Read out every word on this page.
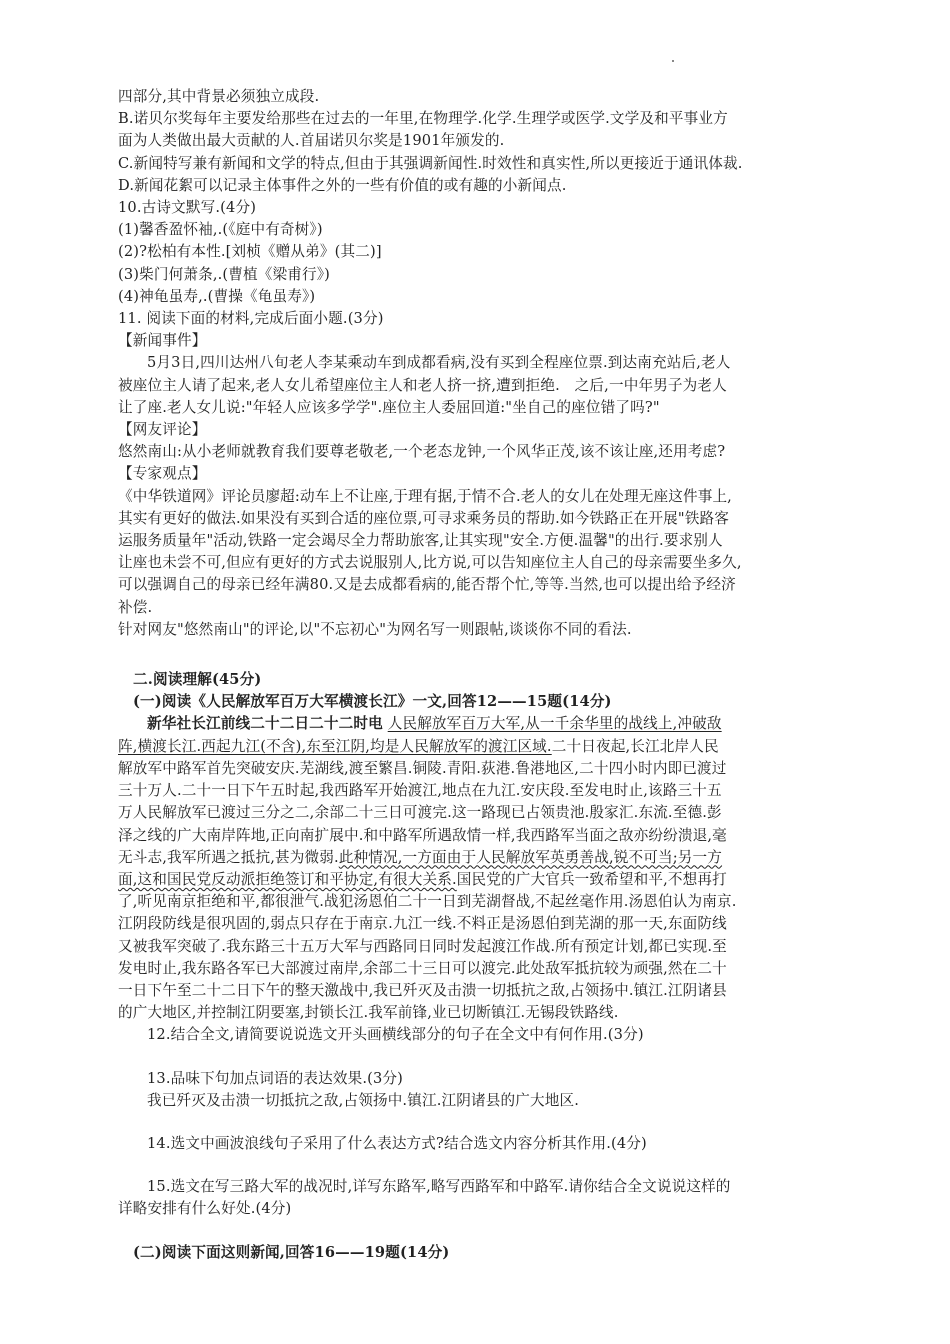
四部分,其中背景必须独立成段.
B.诺贝尔奖每年主要发给那些在过去的一年里,在物理学.化学.生理学或医学.文学及和平事业方
面为人类做出最大贡献的人.首届诺贝尔奖是1901年颁发的.
C.新闻特写兼有新闻和文学的特点,但由于其强调新闻性.时效性和真实性,所以更接近于通讯体裁.
D.新闻花絮可以记录主体事件之外的一些有价值的或有趣的小新闻点.
10.古诗文默写.(4分)
(1)馨香盈怀袖,.(《庭中有奇树》)
(2)?松柏有本性.[刘桢《赠从弟》(其二)]
(3)柴门何萧条,.(曹植《梁甫行》)
(4)神龟虽寿,.(曹操《龟虽寿》)
11. 阅读下面的材料,完成后面小题.(3分)
【新闻事件】
5月3日,四川达州八旬老人李某乘动车到成都看病,没有买到全程座位票.到达南充站后,老人
被座位主人请了起来,老人女儿希望座位主人和老人挤一挤,遭到拒绝.　之后,一中年男子为老人
让了座.老人女儿说:"年轻人应该多学学".座位主人委屈回道:"坐自己的座位错了吗?"
【网友评论】
悠然南山:从小老师就教育我们要尊老敬老,一个老态龙钟,一个风华正茂,该不该让座,还用考虑?
【专家观点】
《中华铁道网》评论员廖超:动车上不让座,于理有据,于情不合.老人的女儿在处理无座这件事上,
其实有更好的做法.如果没有买到合适的座位票,可寻求乘务员的帮助.如今铁路正在开展"铁路客
运服务质量年"活动,铁路一定会竭尽全力帮助旅客,让其实现"安全.方便.温馨"的出行.要求别人
让座也未尝不可,但应有更好的方式去说服别人,比方说,可以告知座位主人自己的母亲需要坐多久,
可以强调自己的母亲已经年满80.又是去成都看病的,能否帮个忙,等等.当然,也可以提出给予经济
补偿.
针对网友"悠然南山"的评论,以"不忘初心"为网名写一则跟帖,谈谈你不同的看法.
二.阅读理解(45分)
(一)阅读《人民解放军百万大军横渡长江》一文,回答12——15题(14分)
新华社长江前线二十二日二十二时电 人民解放军百万大军,从一千余华里的战线上,冲破敌
阵,横渡长江.西起九江(不含),东至江阴,均是人民解放军的渡江区域.二十日夜起,长江北岸人民
解放军中路军首先突破安庆.芜湖线,渡至繁昌.铜陵.青阳.荻港.鲁港地区,二十四小时内即已渡过
三十万人.二十一日下午五时起,我西路军开始渡江,地点在九江.安庆段.至发电时止,该路三十五
万人民解放军已渡过三分之二,余部二十三日可渡完.这一路现已占领贵池.殷家汇.东流.至德.彭
泽之线的广大南岸阵地,正向南扩展中.和中路军所遇敌情一样,我西路军当面之敌亦纷纷溃退,毫
无斗志,我军所遇之抵抗,甚为微弱.此种情况,一方面由于人民解放军英勇善战,锐不可当;另一方
面,这和国民党反动派拒绝签订和平协定,有很大关系.国民党的广大官兵一致希望和平,不想再打
了,听见南京拒绝和平,都很泄气.战犯汤恩伯二十一日到芜湖督战,不起丝毫作用.汤恩伯认为南京.
江阴段防线是很巩固的,弱点只存在于南京.九江一线.不料正是汤恩伯到芜湖的那一天,东面防线
又被我军突破了.我东路三十五万大军与西路同日同时发起渡江作战.所有预定计划,都已实现.至
发电时止,我东路各军已大部渡过南岸,余部二十三日可以渡完.此处敌军抵抗较为顽强,然在二十
一日下午至二十二日下午的整天激战中,我已歼灭及击溃一切抵抗之敌,占领扬中.镇江.江阴诸县
的广大地区,并控制江阴要塞,封锁长江.我军前锋,业已切断镇江.无锡段铁路线.
12.结合全文,请简要说说选文开头画横线部分的句子在全文中有何作用.(3分)
13.品味下句加点词语的表达效果.(3分)
我已歼灭及击溃一切抵抗之敌,占领扬中.镇江.江阴诸县的广大地区.
14.选文中画波浪线句子采用了什么表达方式?结合选文内容分析其作用.(4分)
15.选文在写三路大军的战况时,详写东路军,略写西路军和中路军.请你结合全文说说这样的
详略安排有什么好处.(4分)
(二)阅读下面这则新闻,回答16——19题(14分)
